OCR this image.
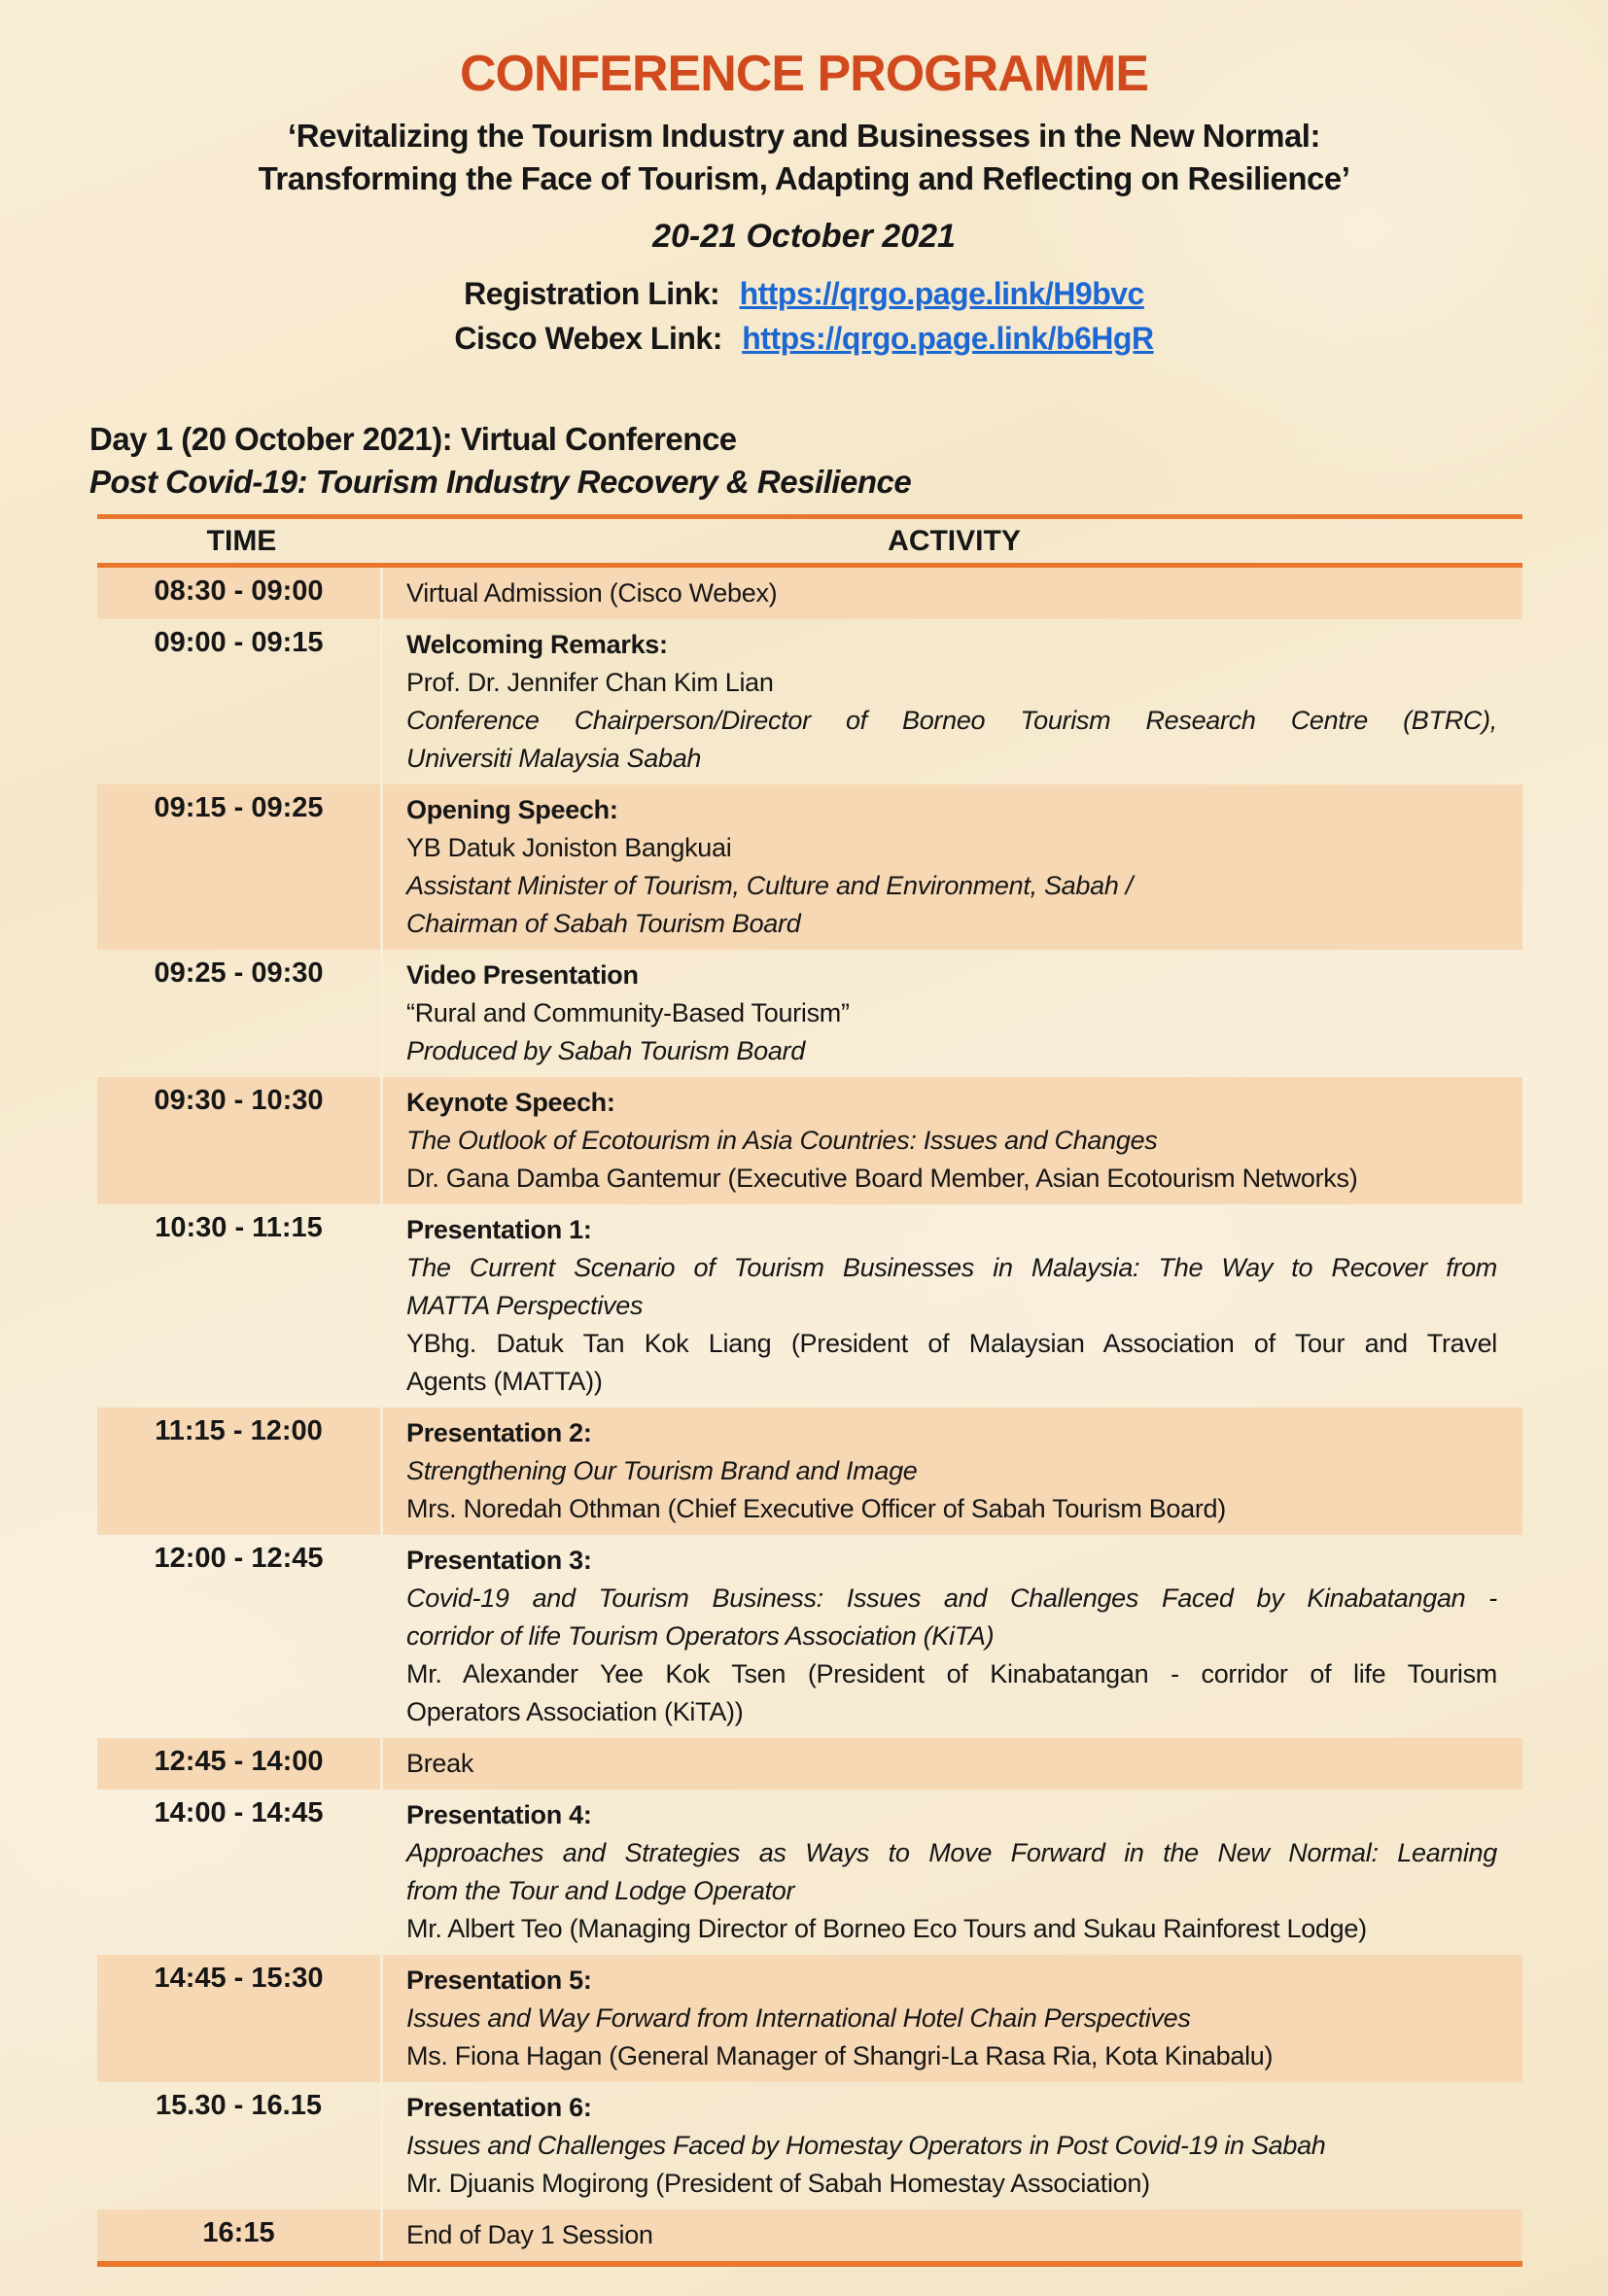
CONFERENCE PROGRAMME
‘Revitalizing the Tourism Industry and Businesses in the New Normal:
Transforming the Face of Tourism, Adapting and Reflecting on Resilience’
20-21 October 2021
Registration Link: https://qrgo.page.link/H9bvc
Cisco Webex Link: https://qrgo.page.link/b6HgR
Day 1 (20 October 2021): Virtual Conference
Post Covid-19: Tourism Industry Recovery & Resilience
TIME	ACTIVITY
08:30 - 09:00	Virtual Admission (Cisco Webex)
09:00 - 09:15	Welcoming Remarks:
Prof. Dr. Jennifer Chan Kim Lian
Conference Chairperson/Director of Borneo Tourism Research Centre (BTRC),
Universiti Malaysia Sabah
09:15 - 09:25	Opening Speech:
YB Datuk Joniston Bangkuai
Assistant Minister of Tourism, Culture and Environment, Sabah /
Chairman of Sabah Tourism Board
09:25 - 09:30	Video Presentation
“Rural and Community-Based Tourism”
Produced by Sabah Tourism Board
09:30 - 10:30	Keynote Speech:
The Outlook of Ecotourism in Asia Countries: Issues and Changes
Dr. Gana Damba Gantemur (Executive Board Member, Asian Ecotourism Networks)
10:30 - 11:15	Presentation 1:
The Current Scenario of Tourism Businesses in Malaysia: The Way to Recover from
MATTA Perspectives
YBhg. Datuk Tan Kok Liang (President of Malaysian Association of Tour and Travel
Agents (MATTA))
11:15 - 12:00	Presentation 2:
Strengthening Our Tourism Brand and Image
Mrs. Noredah Othman (Chief Executive Officer of Sabah Tourism Board)
12:00 - 12:45	Presentation 3:
Covid-19 and Tourism Business: Issues and Challenges Faced by Kinabatangan -
corridor of life Tourism Operators Association (KiTA)
Mr. Alexander Yee Kok Tsen (President of Kinabatangan - corridor of life Tourism
Operators Association (KiTA))
12:45 - 14:00	Break
14:00 - 14:45	Presentation 4:
Approaches and Strategies as Ways to Move Forward in the New Normal: Learning
from the Tour and Lodge Operator
Mr. Albert Teo (Managing Director of Borneo Eco Tours and Sukau Rainforest Lodge)
14:45 - 15:30	Presentation 5:
Issues and Way Forward from International Hotel Chain Perspectives
Ms. Fiona Hagan (General Manager of Shangri-La Rasa Ria, Kota Kinabalu)
15.30 - 16.15	Presentation 6:
Issues and Challenges Faced by Homestay Operators in Post Covid-19 in Sabah
Mr. Djuanis Mogirong (President of Sabah Homestay Association)
16:15	End of Day 1 Session
